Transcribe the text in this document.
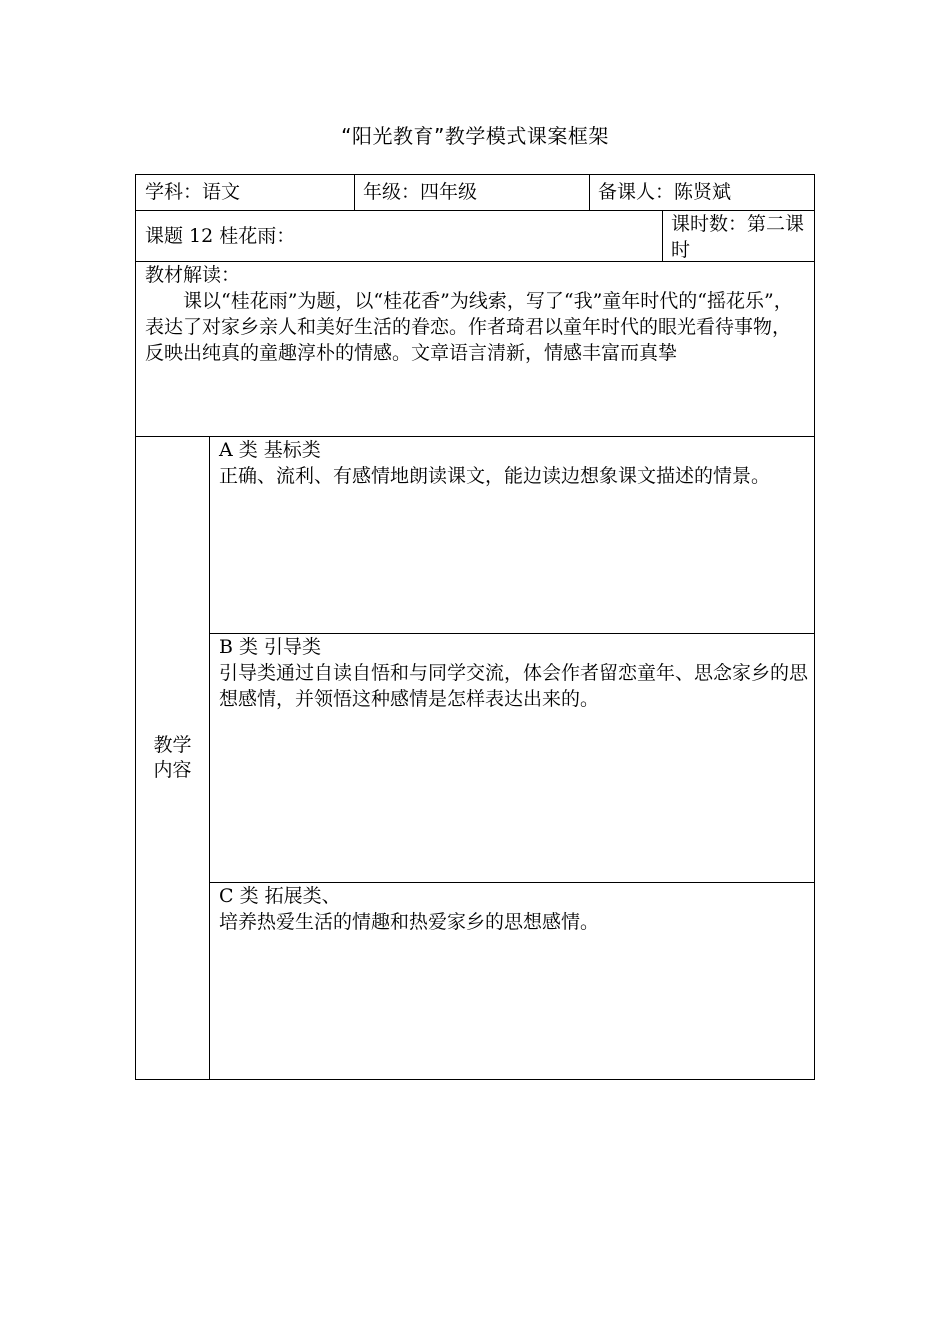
“阳光教育”教学模式课案框架
学科：语文	年级：四年级	备课人：陈贤斌
课题 12 桂花雨：
课时数：第二课时
教材解读：

课以“桂花雨”为题，以“桂花香”为线索，写了“我”童年时代的“摇花乐”，表达了对家乡亲人和美好生活的眷恋。作者琦君以童年时代的眼光看待事物，反映出纯真的童趣淳朴的情感。文章语言清新，情感丰富而真挚

教学内容
A 类 基标类
正确、流利、有感情地朗读课文，能边读边想象课文描述的情景。
B 类 引导类
引导类通过自读自悟和与同学交流，体会作者留恋童年、思念家乡的思想感情，并领悟这种感情是怎样表达出来的。
C 类 拓展类、
培养热爱生活的情趣和热爱家乡的思想感情。
